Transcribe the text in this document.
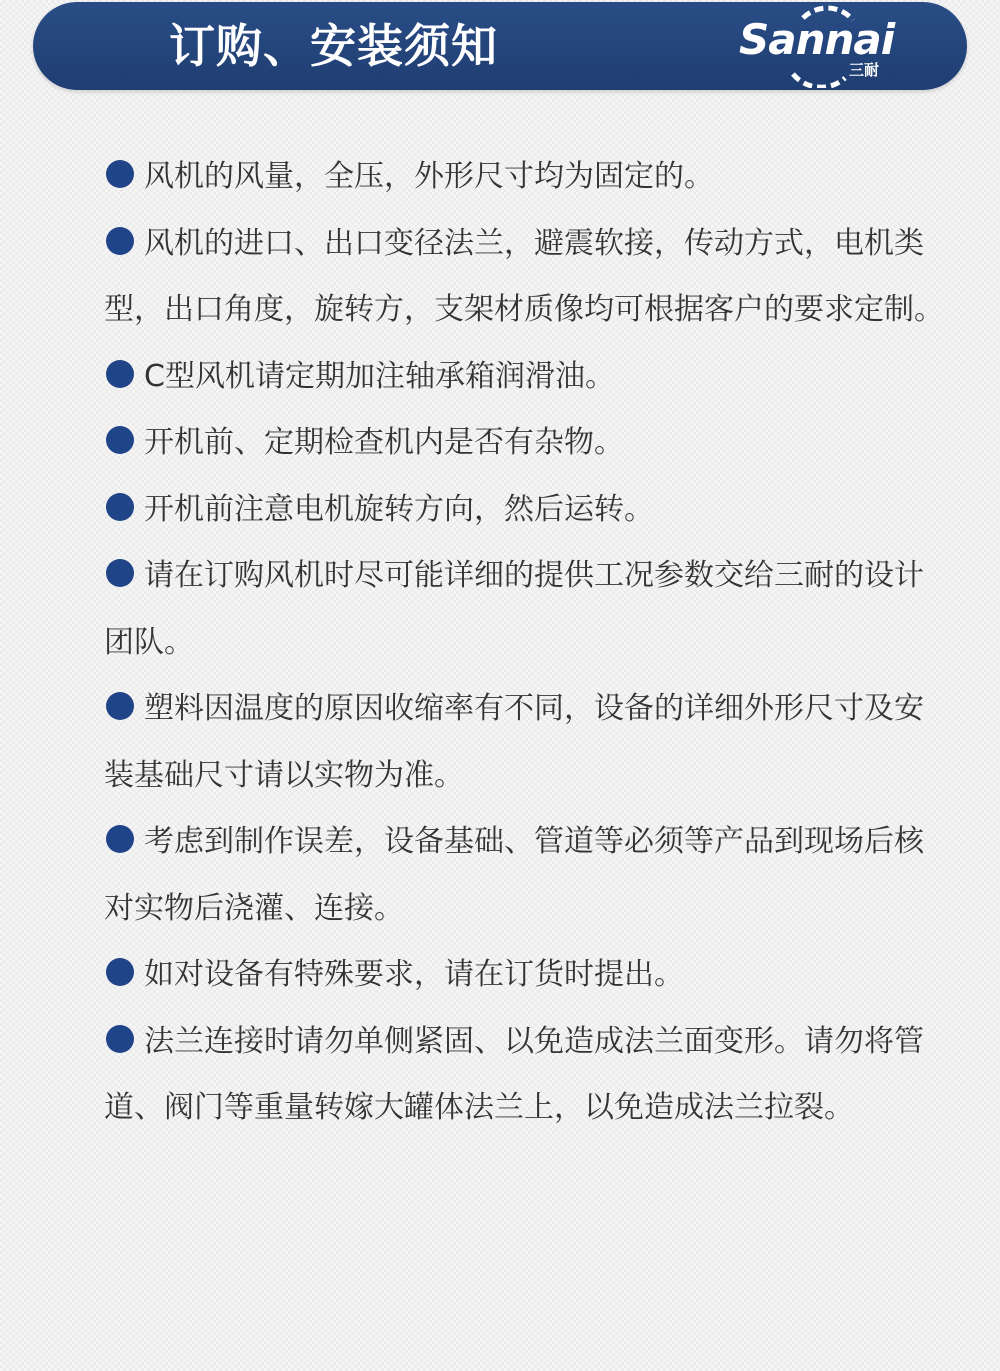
订购、安装须知	Sannai
三耐

风机的风量，全压，外形尺寸均为固定的。

风机的进口、出口变径法兰，避震软接，传动方式，电机类型，出口角度，旋转方，支架材质像均可根据客户的要求定制。

C型风机请定期加注轴承箱润滑油。

开机前、定期检查机内是否有杂物。

开机前注意电机旋转方向，然后运转。

请在订购风机时尽可能详细的提供工况参数交给三耐的设计团队。

塑料因温度的原因收缩率有不同，设备的详细外形尺寸及安装基础尺寸请以实物为准。

考虑到制作误差，设备基础、管道等必须等产品到现场后核对实物后浇灌、连接。

如对设备有特殊要求，请在订货时提出。

法兰连接时请勿单侧紧固、以免造成法兰面变形。请勿将管道、阀门等重量转嫁大罐体法兰上，以免造成法兰拉裂。
